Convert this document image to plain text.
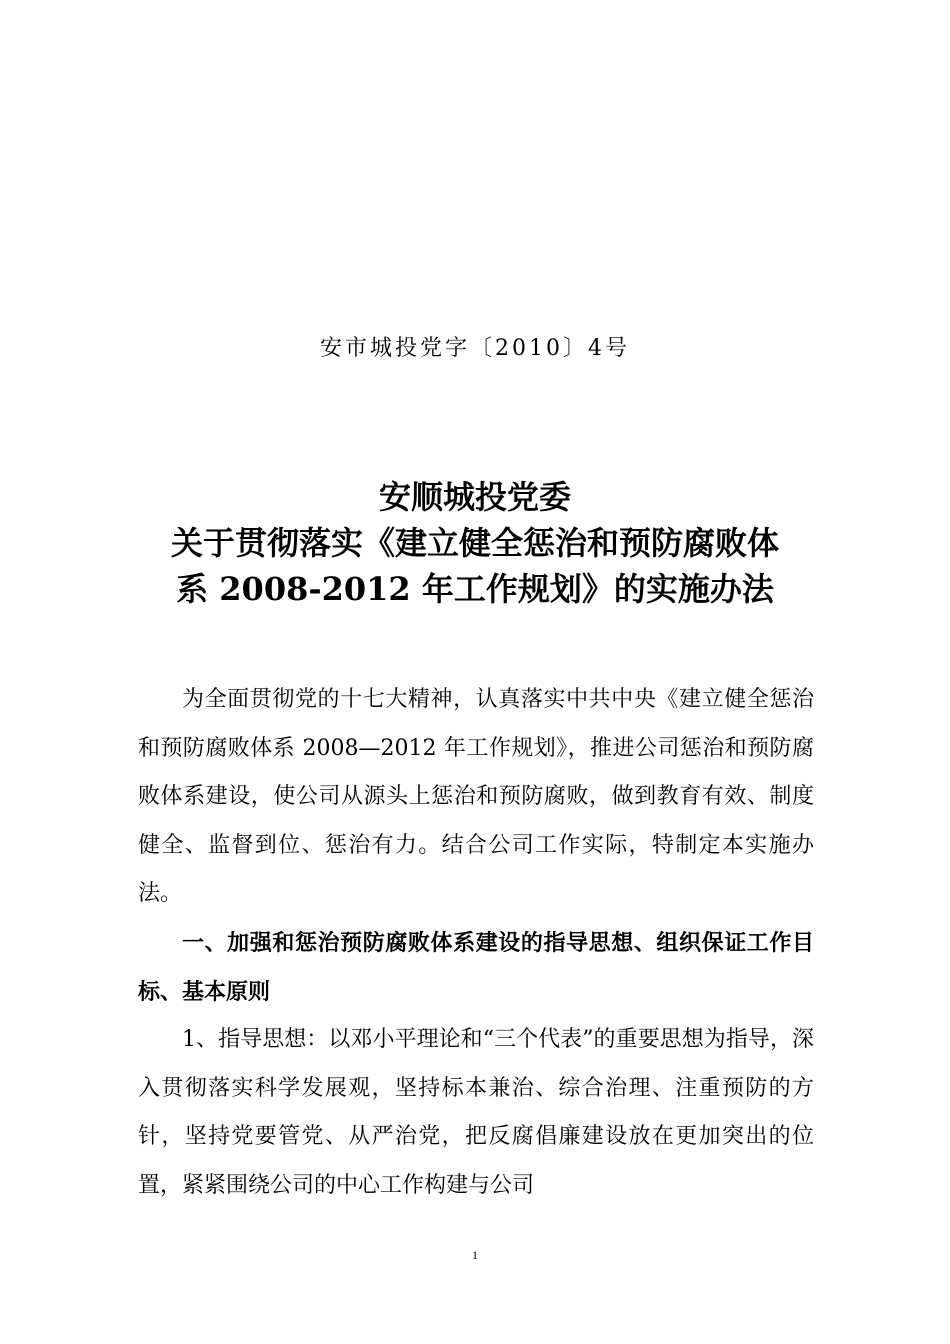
安市城投党字〔2010〕4号
安顺城投党委
关于贯彻落实《建立健全惩治和预防腐败体
系 2008-2012 年工作规划》的实施办法

为全面贯彻党的十七大精神，认真落实中共中央《建立健全惩治和预防腐败体系 2008—2012 年工作规划》，推进公司惩治和预防腐败体系建设，使公司从源头上惩治和预防腐败，做到教育有效、制度健全、监督到位、惩治有力。结合公司工作实际，特制定本实施办法。

一、加强和惩治预防腐败体系建设的指导思想、组织保证工作目标、基本原则

1、指导思想：以邓小平理论和“三个代表”的重要思想为指导，深入贯彻落实科学发展观，坚持标本兼治、综合治理、注重预防的方针，坚持党要管党、从严治党，把反腐倡廉建设放在更加突出的位置，紧紧围绕公司的中心工作构建与公司

1
